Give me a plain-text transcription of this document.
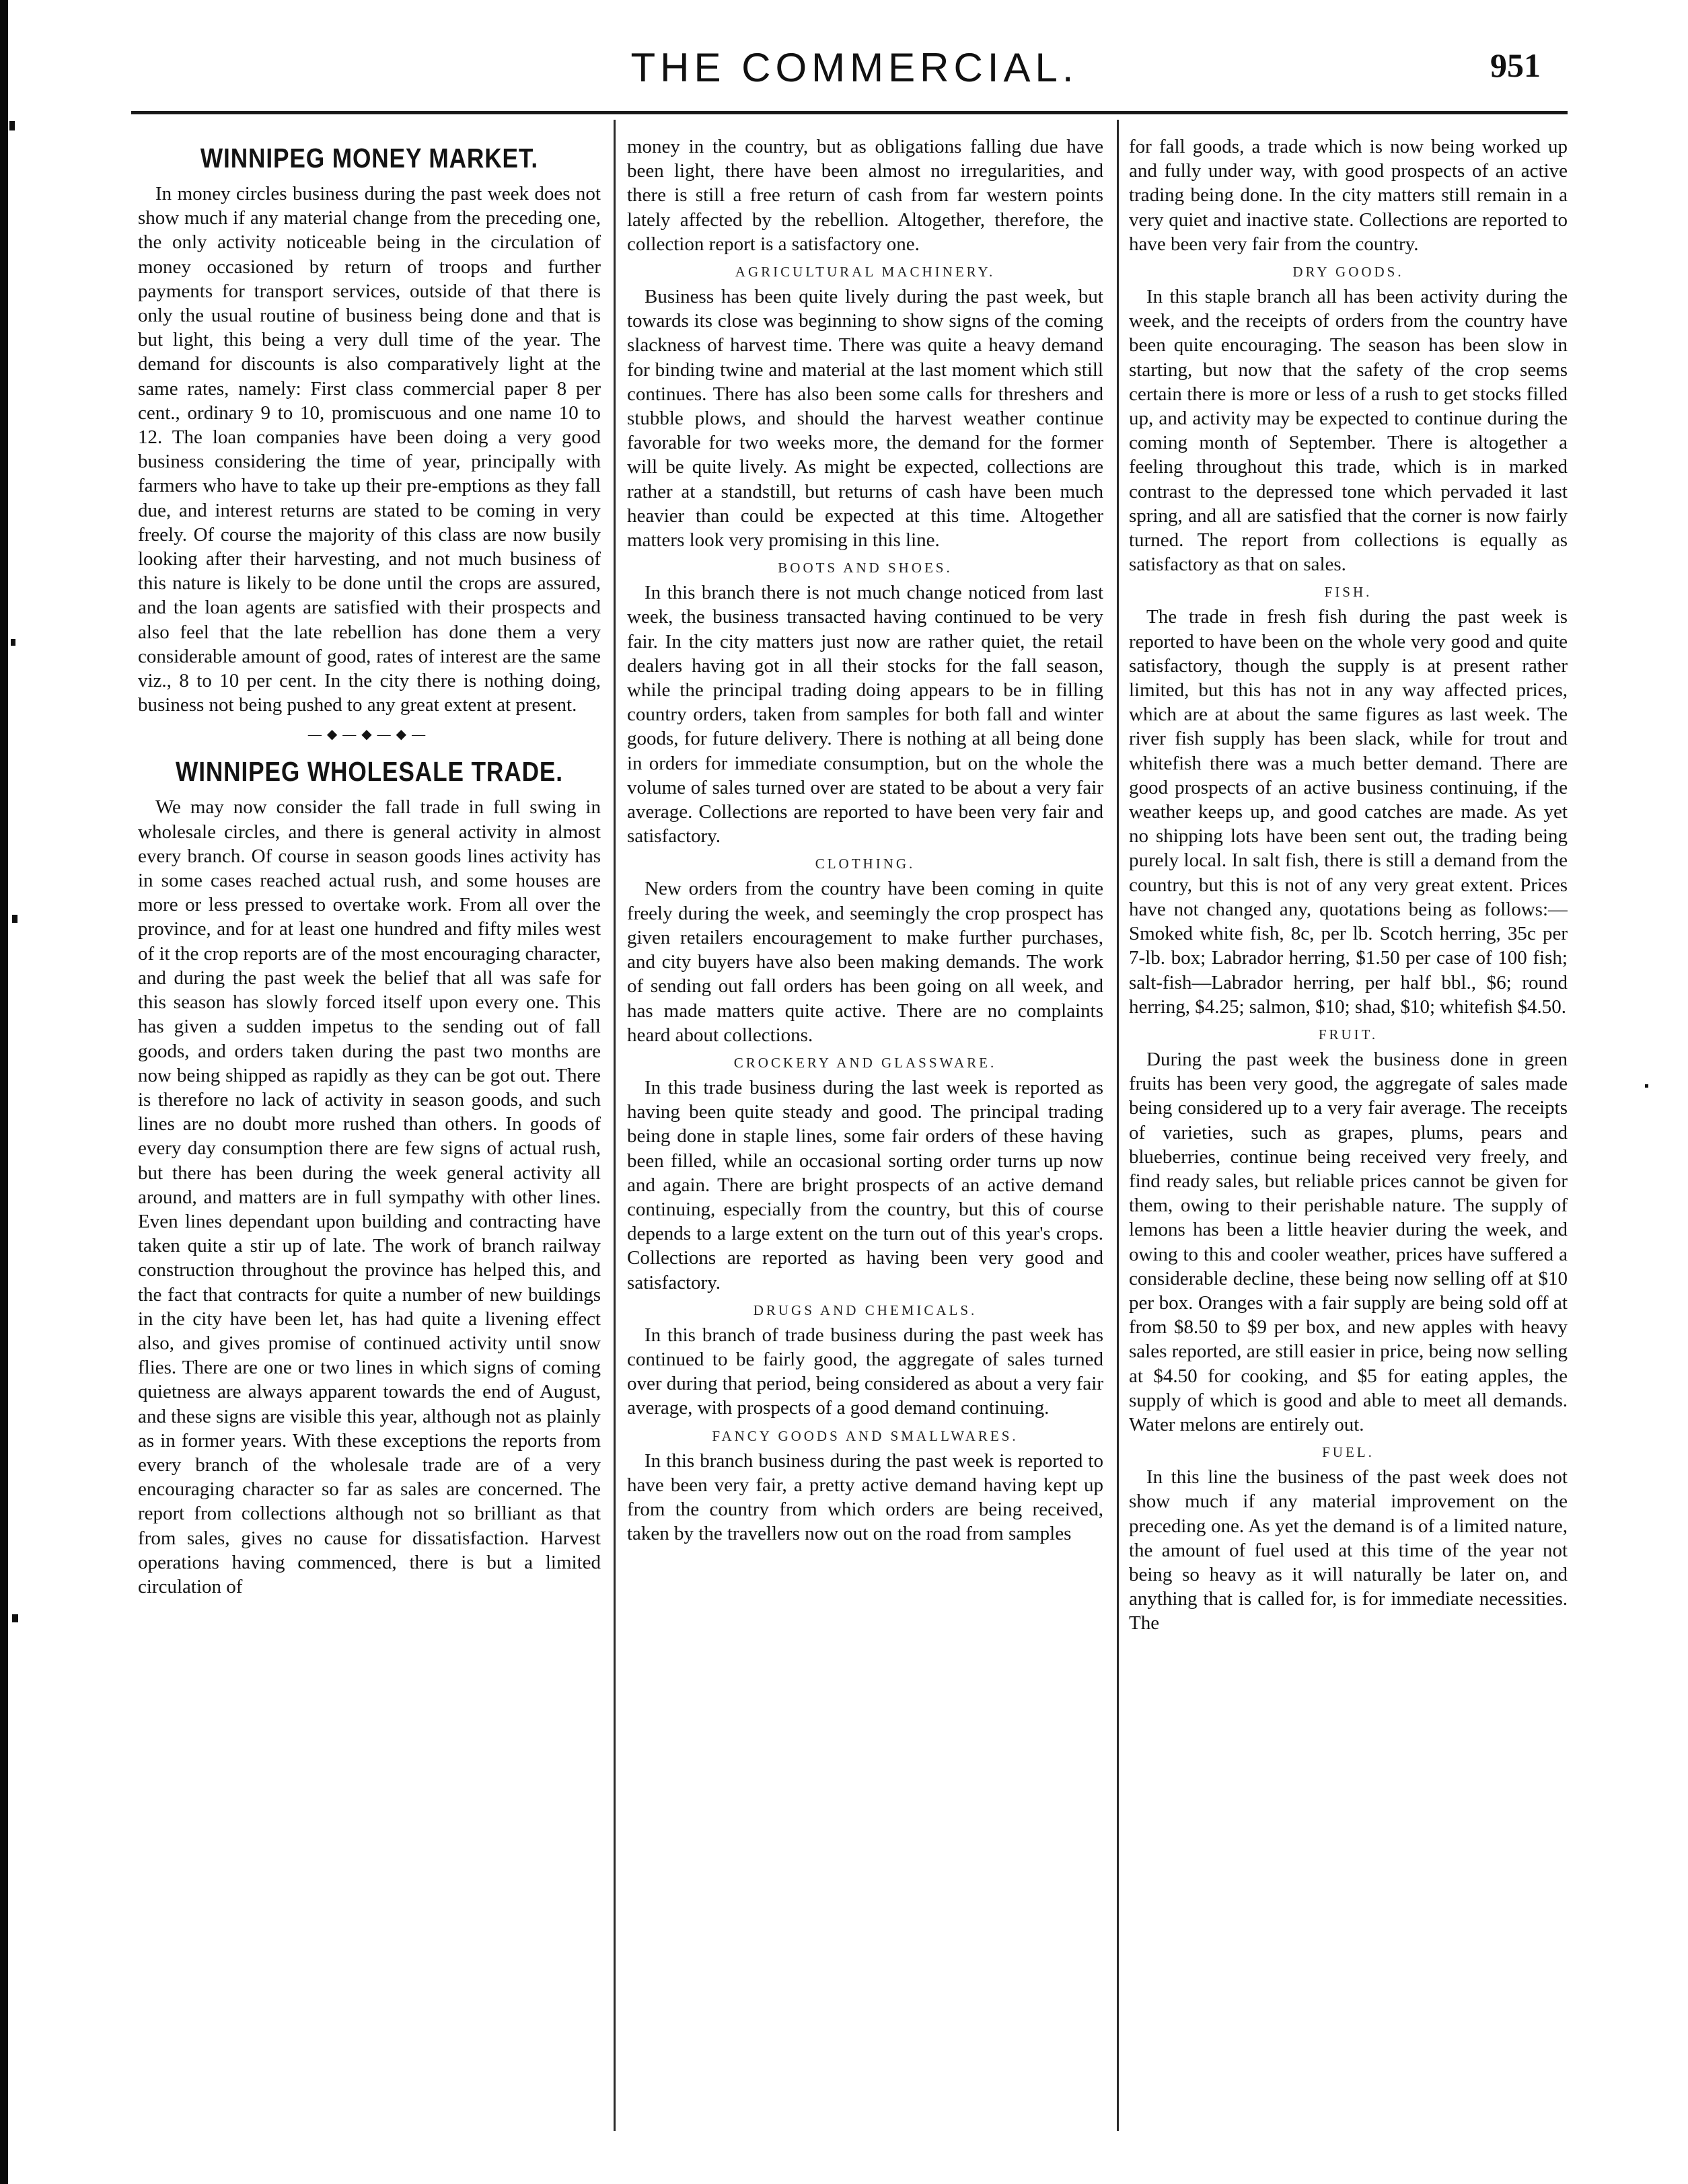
THE COMMERCIAL.	951
WINNIPEG MONEY MARKET.

In money circles business during the past week does not show much if any material change from the preceding one, the only activity noticeable being in the circulation of money occasioned by return of troops and further payments for transport services, outside of that there is only the usual routine of business being done and that is but light, this being a very dull time of the year. The demand for discounts is also comparatively light at the same rates, namely: First class commercial paper 8 per cent., ordinary 9 to 10, promiscuous and one name 10 to 12. The loan companies have been doing a very good business considering the time of year, principally with farmers who have to take up their pre-emptions as they fall due, and interest returns are stated to be coming in very freely. Of course the majority of this class are now busily looking after their harvesting, and not much business of this nature is likely to be done until the crops are assured, and the loan agents are satisfied with their prospects and also feel that the late rebellion has done them a very considerable amount of good, rates of interest are the same viz., 8 to 10 per cent. In the city there is nothing doing, business not being pushed to any great extent at present.

—◆—◆—◆—
WINNIPEG WHOLESALE TRADE.

We may now consider the fall trade in full swing in wholesale circles, and there is general activity in almost every branch. Of course in season goods lines activity has in some cases reached actual rush, and some houses are more or less pressed to overtake work. From all over the province, and for at least one hundred and fifty miles west of it the crop reports are of the most encouraging character, and during the past week the belief that all was safe for this season has slowly forced itself upon every one. This has given a sudden impetus to the sending out of fall goods, and orders taken during the past two months are now being shipped as rapidly as they can be got out. There is therefore no lack of activity in season goods, and such lines are no doubt more rushed than others. In goods of every day consumption there are few signs of actual rush, but there has been during the week general activity all around, and matters are in full sympathy with other lines. Even lines dependant upon building and contracting have taken quite a stir up of late. The work of branch railway construction throughout the province has helped this, and the fact that contracts for quite a number of new buildings in the city have been let, has had quite a livening effect also, and gives promise of continued activity until snow flies. There are one or two lines in which signs of coming quietness are always apparent towards the end of August, and these signs are visible this year, although not as plainly as in former years. With these exceptions the reports from every branch of the wholesale trade are of a very encouraging character so far as sales are concerned. The report from collections although not so brilliant as that from sales, gives no cause for dissatisfaction. Harvest operations having commenced, there is but a limited circulation of

money in the country, but as obligations falling due have been light, there have been almost no irregularities, and there is still a free return of cash from far western points lately affected by the rebellion. Altogether, therefore, the collection report is a satisfactory one.

AGRICULTURAL MACHINERY.

Business has been quite lively during the past week, but towards its close was beginning to show signs of the coming slackness of harvest time. There was quite a heavy demand for binding twine and material at the last moment which still continues. There has also been some calls for threshers and stubble plows, and should the harvest weather continue favorable for two weeks more, the demand for the former will be quite lively. As might be expected, collections are rather at a standstill, but returns of cash have been much heavier than could be expected at this time. Altogether matters look very promising in this line.

BOOTS AND SHOES.

In this branch there is not much change noticed from last week, the business transacted having continued to be very fair. In the city matters just now are rather quiet, the retail dealers having got in all their stocks for the fall season, while the principal trading doing appears to be in filling country orders, taken from samples for both fall and winter goods, for future delivery. There is nothing at all being done in orders for immediate consumption, but on the whole the volume of sales turned over are stated to be about a very fair average. Collections are reported to have been very fair and satisfactory.

CLOTHING.

New orders from the country have been coming in quite freely during the week, and seemingly the crop prospect has given retailers encouragement to make further purchases, and city buyers have also been making demands. The work of sending out fall orders has been going on all week, and has made matters quite active. There are no complaints heard about collections.

CROCKERY AND GLASSWARE.

In this trade business during the last week is reported as having been quite steady and good. The principal trading being done in staple lines, some fair orders of these having been filled, while an occasional sorting order turns up now and again. There are bright prospects of an active demand continuing, especially from the country, but this of course depends to a large extent on the turn out of this year's crops. Collections are reported as having been very good and satisfactory.

DRUGS AND CHEMICALS.

In this branch of trade business during the past week has continued to be fairly good, the aggregate of sales turned over during that period, being considered as about a very fair average, with prospects of a good demand continuing.

FANCY GOODS AND SMALLWARES.

In this branch business during the past week is reported to have been very fair, a pretty active demand having kept up from the country from which orders are being received, taken by the travellers now out on the road from samples

for fall goods, a trade which is now being worked up and fully under way, with good prospects of an active trading being done. In the city matters still remain in a very quiet and inactive state. Collections are reported to have been very fair from the country.

DRY GOODS.

In this staple branch all has been activity during the week, and the receipts of orders from the country have been quite encouraging. The season has been slow in starting, but now that the safety of the crop seems certain there is more or less of a rush to get stocks filled up, and activity may be expected to continue during the coming month of September. There is altogether a feeling throughout this trade, which is in marked contrast to the depressed tone which pervaded it last spring, and all are satisfied that the corner is now fairly turned. The report from collections is equally as satisfactory as that on sales.

FISH.

The trade in fresh fish during the past week is reported to have been on the whole very good and quite satisfactory, though the supply is at present rather limited, but this has not in any way affected prices, which are at about the same figures as last week. The river fish supply has been slack, while for trout and whitefish there was a much better demand. There are good prospects of an active business continuing, if the weather keeps up, and good catches are made. As yet no shipping lots have been sent out, the trading being purely local. In salt fish, there is still a demand from the country, but this is not of any very great extent. Prices have not changed any, quotations being as follows:—Smoked white fish, 8c, per lb. Scotch herring, 35c per 7-lb. box; Labrador herring, $1.50 per case of 100 fish; salt-fish—Labrador herring, per half bbl., $6; round herring, $4.25; salmon, $10; shad, $10; whitefish $4.50.

FRUIT.

During the past week the business done in green fruits has been very good, the aggregate of sales made being considered up to a very fair average. The receipts of varieties, such as grapes, plums, pears and blueberries, continue being received very freely, and find ready sales, but reliable prices cannot be given for them, owing to their perishable nature. The supply of lemons has been a little heavier during the week, and owing to this and cooler weather, prices have suffered a considerable decline, these being now selling off at $10 per box. Oranges with a fair supply are being sold off at from $8.50 to $9 per box, and new apples with heavy sales reported, are still easier in price, being now selling at $4.50 for cooking, and $5 for eating apples, the supply of which is good and able to meet all demands. Water melons are entirely out.

FUEL.

In this line the business of the past week does not show much if any material improvement on the preceding one. As yet the demand is of a limited nature, the amount of fuel used at this time of the year not being so heavy as it will naturally be later on, and anything that is called for, is for immediate necessities. The
